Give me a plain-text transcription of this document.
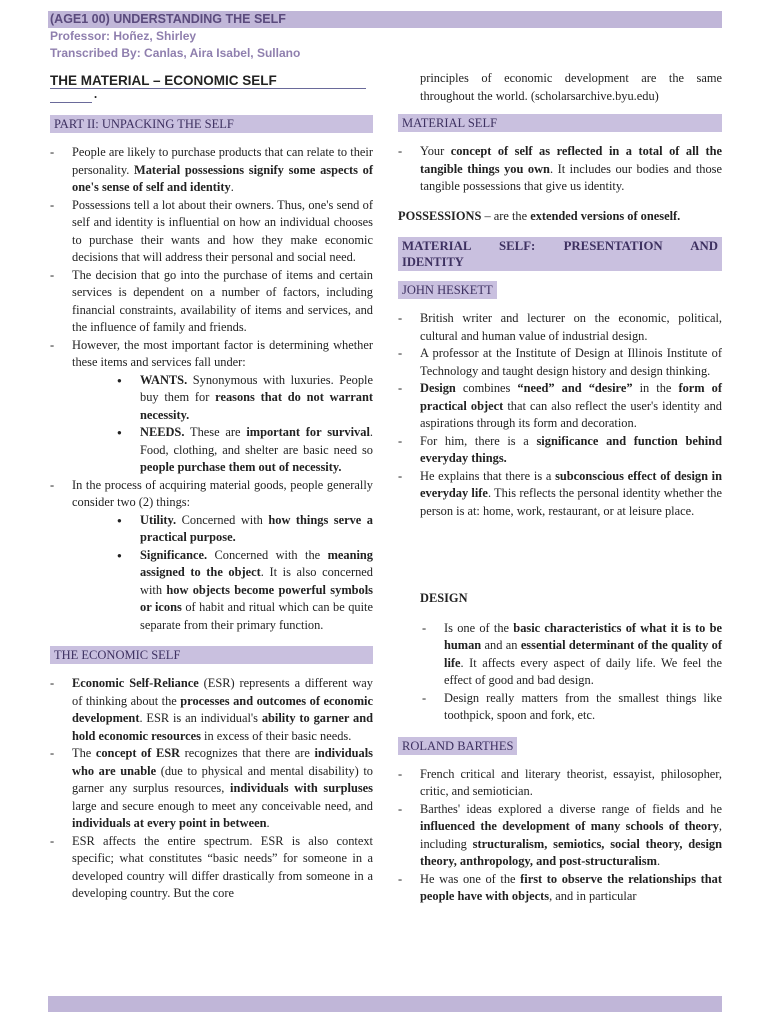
(AGE1 00) UNDERSTANDING THE SELF
Professor: Hoñez, Shirley
Transcribed By: Canlas, Aira Isabel, Sullano
THE MATERIAL – ECONOMIC SELF
.
PART II: UNPACKING THE SELF
- People are likely to purchase products that can relate to their personality. Material possessions signify some aspects of one's sense of self and identity.
- Possessions tell a lot about their owners. Thus, one's send of self and identity is influential on how an individual chooses to purchase their wants and how they make economic decisions that will address their personal and social need.
- The decision that go into the purchase of items and certain services is dependent on a number of factors, including financial constraints, availability of items and services, and the influence of family and friends.
- However, the most important factor is determining whether these items and services fall under:
● WANTS. Synonymous with luxuries. People buy them for reasons that do not warrant necessity.
● NEEDS. These are important for survival. Food, clothing, and shelter are basic need so people purchase them out of necessity.
- In the process of acquiring material goods, people generally consider two (2) things:
● Utility. Concerned with how things serve a practical purpose.
● Significance. Concerned with the meaning assigned to the object. It is also concerned with how objects become powerful symbols or icons of habit and ritual which can be quite separate from their primary function.
THE ECONOMIC SELF
- Economic Self-Reliance (ESR) represents a different way of thinking about the processes and outcomes of economic development. ESR is an individual's ability to garner and hold economic resources in excess of their basic needs.
- The concept of ESR recognizes that there are individuals who are unable (due to physical and mental disability) to garner any surplus resources, individuals with surpluses large and secure enough to meet any conceivable need, and individuals at every point in between.
- ESR affects the entire spectrum. ESR is also context specific; what constitutes “basic needs” for someone in a developed country will differ drastically from someone in a developing country. But the core
principles of economic development are the same throughout the world. (scholarsarchive.byu.edu)
MATERIAL SELF
- Your concept of self as reflected in a total of all the tangible things you own. It includes our bodies and those tangible possessions that give us identity.
POSSESSIONS – are the extended versions of oneself.
MATERIAL SELF: PRESENTATION AND
IDENTITY
JOHN HESKETT
- British writer and lecturer on the economic, political, cultural and human value of industrial design.
- A professor at the Institute of Design at Illinois Institute of Technology and taught design history and design thinking.
- Design combines “need” and “desire” in the form of practical object that can also reflect the user's identity and aspirations through its form and decoration.
- For him, there is a significance and function behind everyday things.
- He explains that there is a subconscious effect of design in everyday life. This reflects the personal identity whether the person is at: home, work, restaurant, or at leisure place.
DESIGN
- Is one of the basic characteristics of what it is to be human and an essential determinant of the quality of life. It affects every aspect of daily life. We feel the effect of good and bad design.
- Design really matters from the smallest things like toothpick, spoon and fork, etc.
ROLAND BARTHES
- French critical and literary theorist, essayist, philosopher, critic, and semiotician.
- Barthes' ideas explored a diverse range of fields and he influenced the development of many schools of theory, including structuralism, semiotics, social theory, design theory, anthropology, and post-structuralism.
- He was one of the first to observe the relationships that people have with objects, and in particular
